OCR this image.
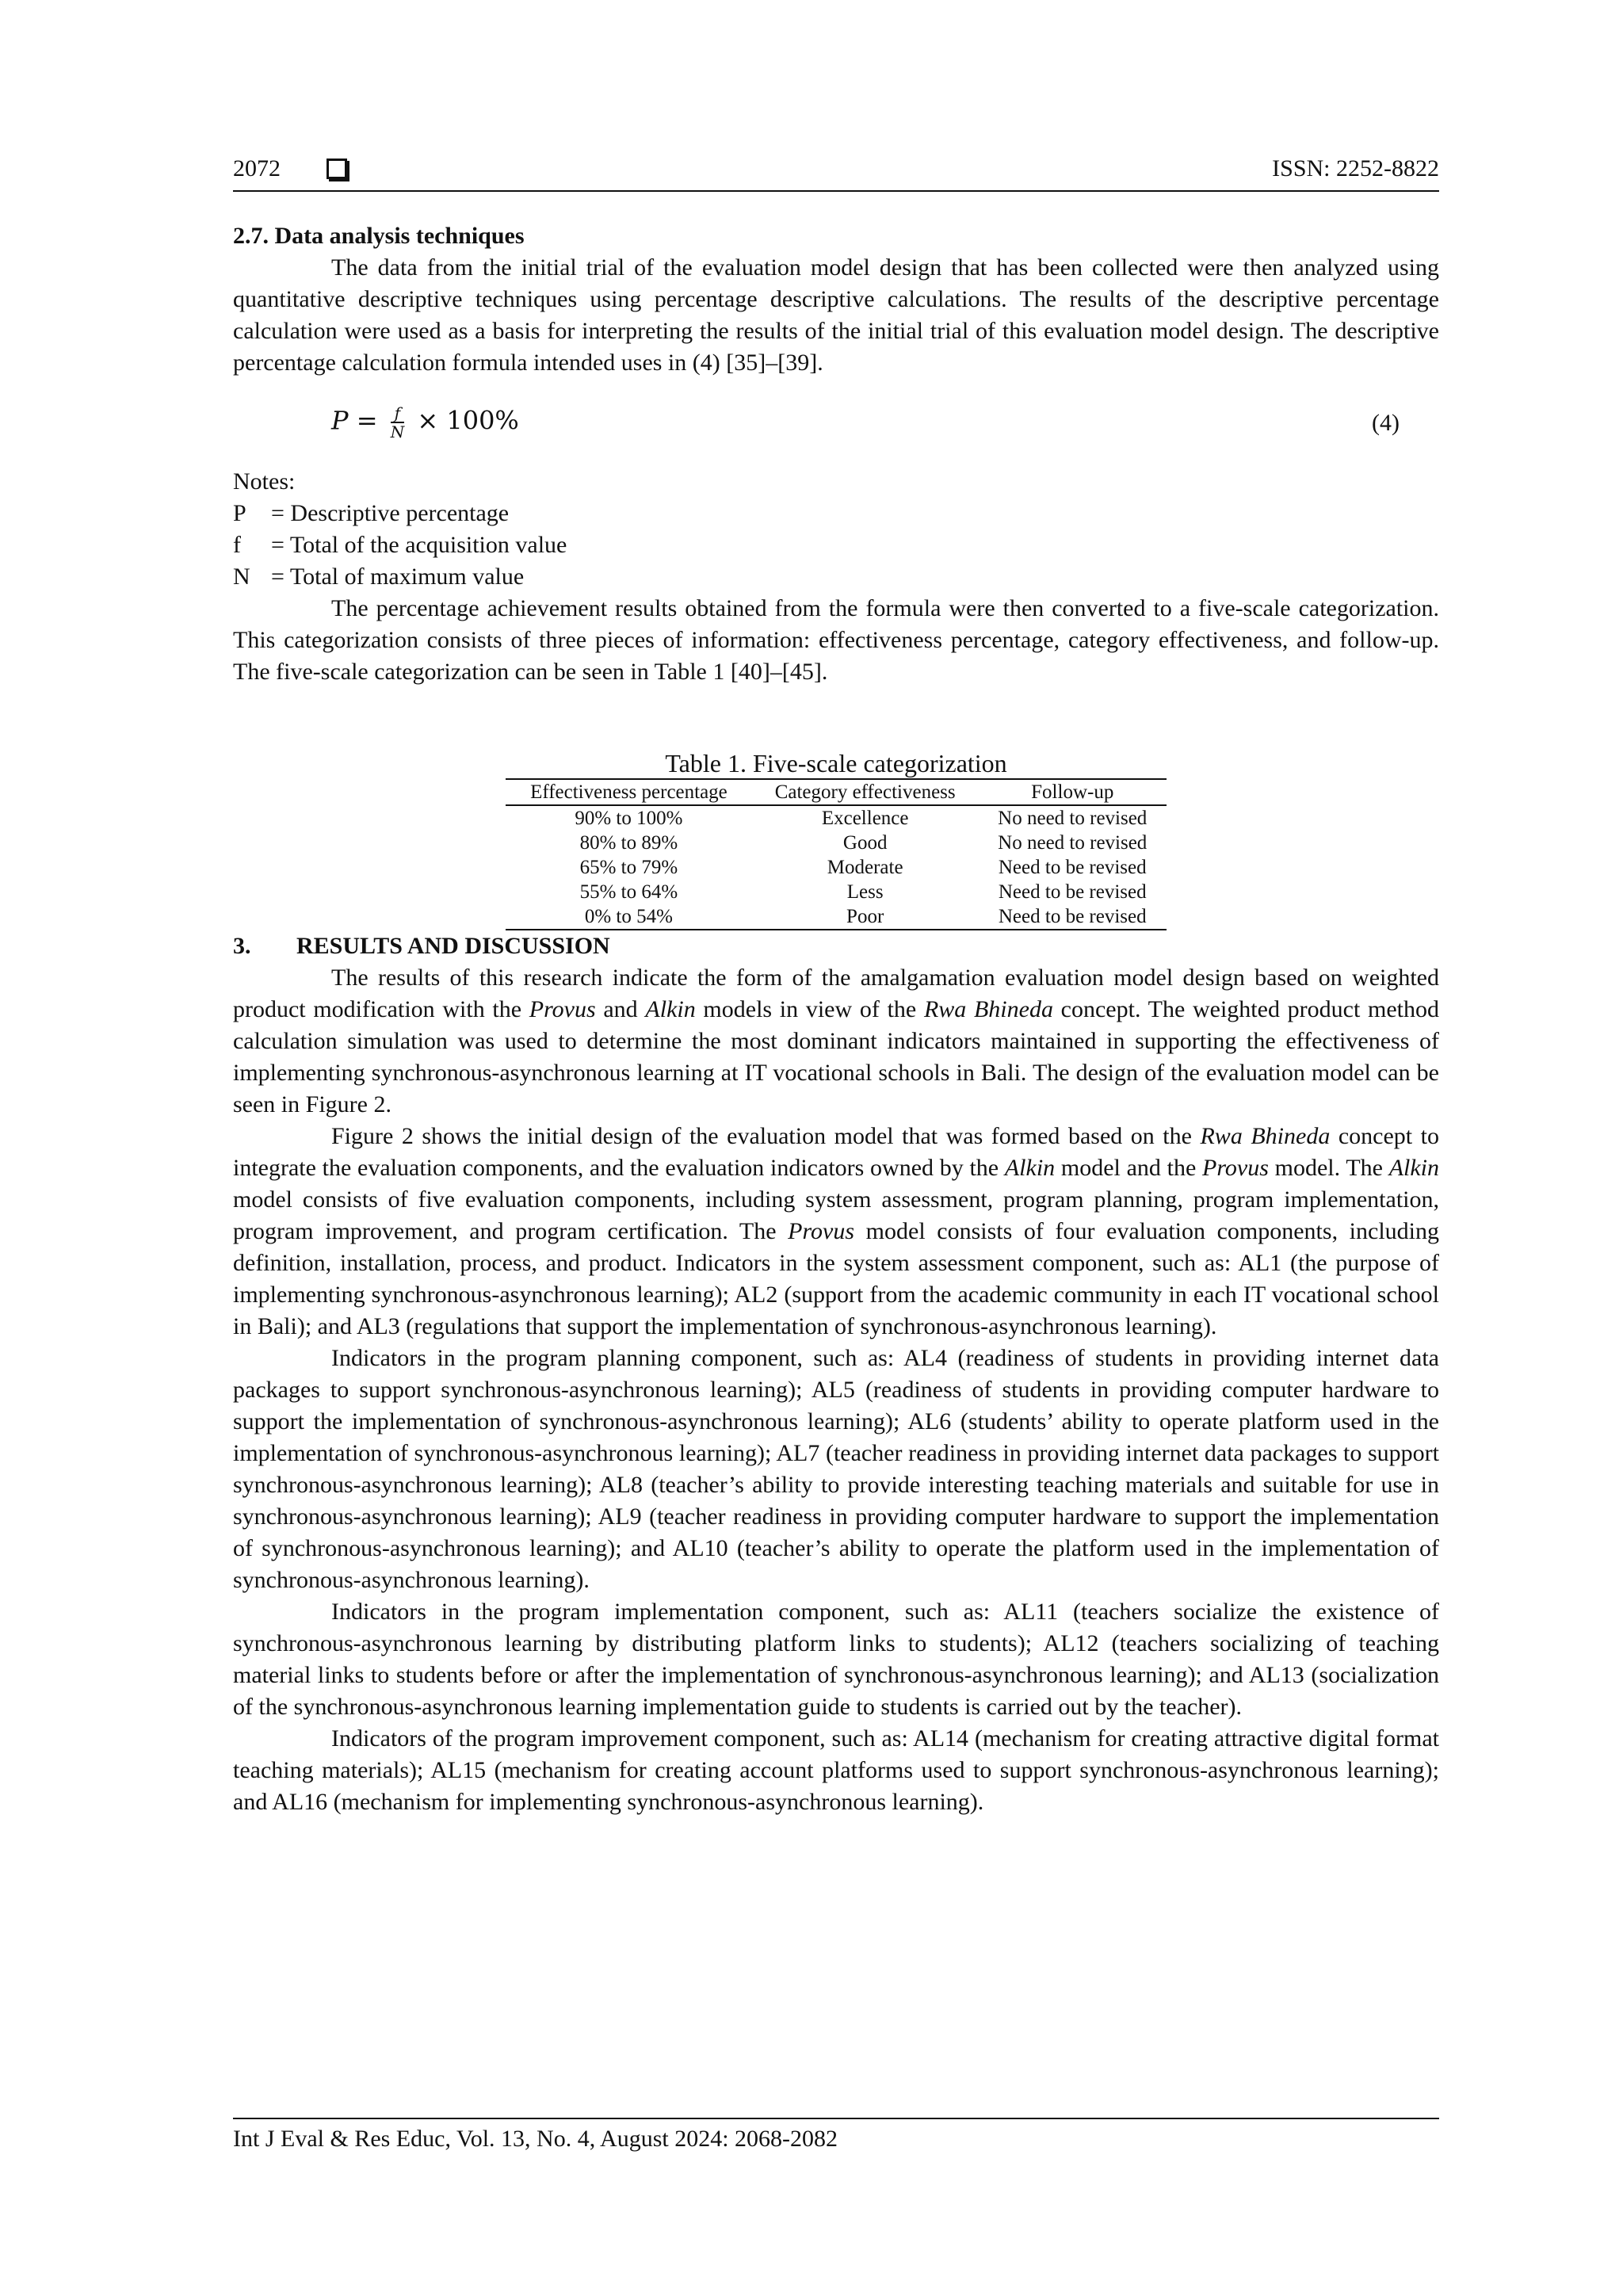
2072	ISSN: 2252-8822
2.7. Data analysis techniques

The data from the initial trial of the evaluation model design that has been collected were then analyzed using quantitative descriptive techniques using percentage descriptive calculations. The results of the descriptive percentage calculation were used as a basis for interpreting the results of the initial trial of this evaluation model design. The descriptive percentage calculation formula intended uses in (4) [35]–[39].

$P = \frac{f}{N} \times 100\%$	(4)

Notes:

P	= Descriptive percentage
f	= Total of the acquisition value
N = Total of maximum value

The percentage achievement results obtained from the formula were then converted to a five-scale categorization. This categorization consists of three pieces of information: effectiveness percentage, category effectiveness, and follow-up. The five-scale categorization can be seen in Table 1 [40]–[45].

Table 1. Five-scale categorization
Effectiveness percentage	Category effectiveness	Follow-up
90% to 100%	Excellence	No need to revised
80% to 89%	Good	No need to revised
65% to 79%	Moderate	Need to be revised
55% to 64%	Less	Need to be revised
0% to 54%	Poor	Need to be revised
3. RESULTS AND DISCUSSION

The results of this research indicate the form of the amalgamation evaluation model design based on weighted product modification with the Provus and Alkin models in view of the Rwa Bhineda concept. The weighted product method calculation simulation was used to determine the most dominant indicators maintained in supporting the effectiveness of implementing synchronous-asynchronous learning at IT vocational schools in Bali. The design of the evaluation model can be seen in Figure 2.

Figure 2 shows the initial design of the evaluation model that was formed based on the Rwa Bhineda concept to integrate the evaluation components, and the evaluation indicators owned by the Alkin model and the Provus model. The Alkin model consists of five evaluation components, including system assessment, program planning, program implementation, program improvement, and program certification. The Provus model consists of four evaluation components, including definition, installation, process, and product. Indicators in the system assessment component, such as: AL1 (the purpose of implementing synchronous-asynchronous learning); AL2 (support from the academic community in each IT vocational school in Bali); and AL3 (regulations that support the implementation of synchronous-asynchronous learning).

Indicators in the program planning component, such as: AL4 (readiness of students in providing internet data packages to support synchronous-asynchronous learning); AL5 (readiness of students in providing computer hardware to support the implementation of synchronous-asynchronous learning); AL6 (students’ ability to operate platform used in the implementation of synchronous-asynchronous learning); AL7 (teacher readiness in providing internet data packages to support synchronous-asynchronous learning); AL8 (teacher’s ability to provide interesting teaching materials and suitable for use in synchronous-asynchronous learning); AL9 (teacher readiness in providing computer hardware to support the implementation of synchronous-asynchronous learning); and AL10 (teacher’s ability to operate the platform used in the implementation of synchronous-asynchronous learning).

Indicators in the program implementation component, such as: AL11 (teachers socialize the existence of synchronous-asynchronous learning by distributing platform links to students); AL12 (teachers socializing of teaching material links to students before or after the implementation of synchronous-asynchronous learning); and AL13 (socialization of the synchronous-asynchronous learning implementation guide to students is carried out by the teacher).

Indicators of the program improvement component, such as: AL14 (mechanism for creating attractive digital format teaching materials); AL15 (mechanism for creating account platforms used to support synchronous-asynchronous learning); and AL16 (mechanism for implementing synchronous-asynchronous learning).

Int J Eval & Res Educ, Vol. 13, No. 4, August 2024: 2068-2082
